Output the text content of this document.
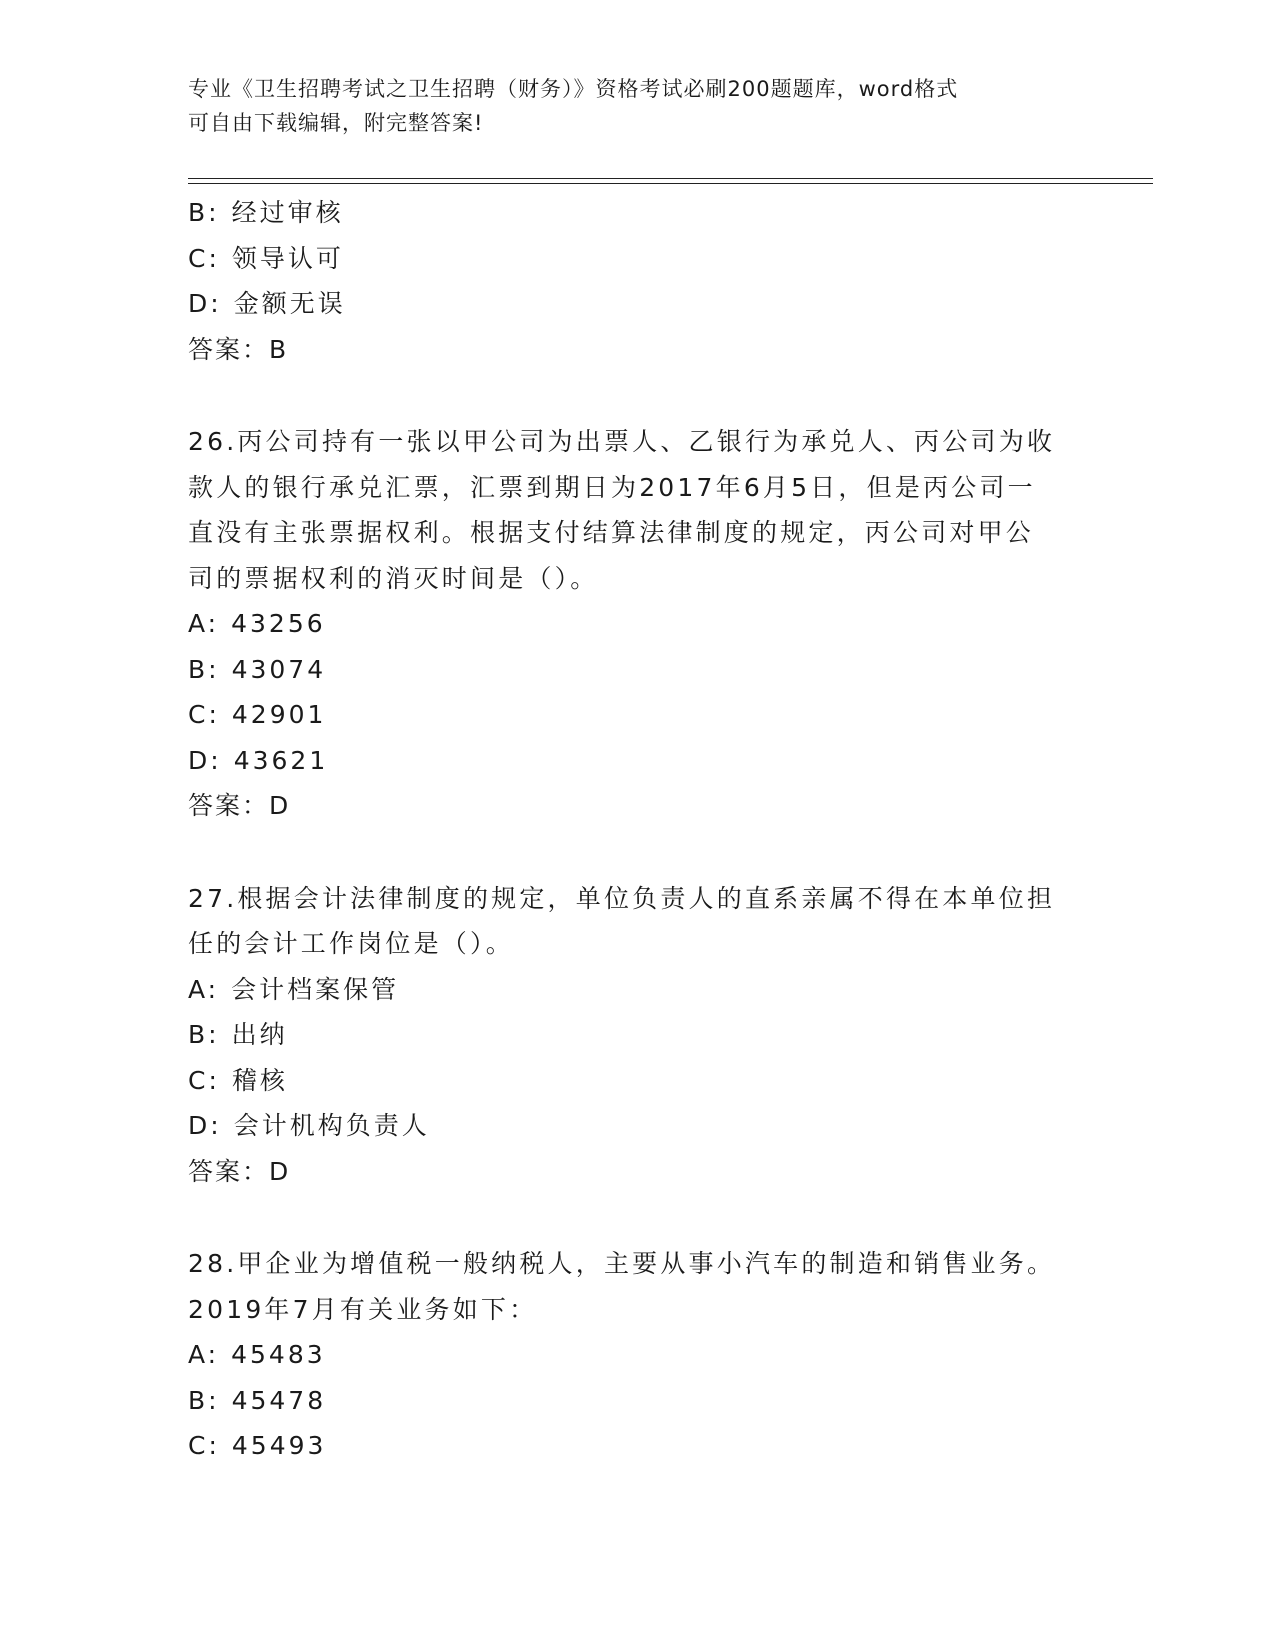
专业《卫生招聘考试之卫生招聘（财务）》资格考试必刷200题题库，word格式
可自由下载编辑，附完整答案!
B: 经过审核
C: 领导认可
D: 金额无误
答案：B
26.丙公司持有一张以甲公司为出票人、乙银行为承兑人、丙公司为收
款人的银行承兑汇票，汇票到期日为2017年6月5日，但是丙公司一
直没有主张票据权利。根据支付结算法律制度的规定，丙公司对甲公
司的票据权利的消灭时间是（）。
A: 43256
B: 43074
C: 42901
D: 43621
答案：D
27.根据会计法律制度的规定，单位负责人的直系亲属不得在本单位担
任的会计工作岗位是（）。
A: 会计档案保管
B: 出纳
C: 稽核
D: 会计机构负责人
答案：D
28.甲企业为增值税一般纳税人，主要从事小汽车的制造和销售业务。
2019年7月有关业务如下：
A: 45483
B: 45478
C: 45493
